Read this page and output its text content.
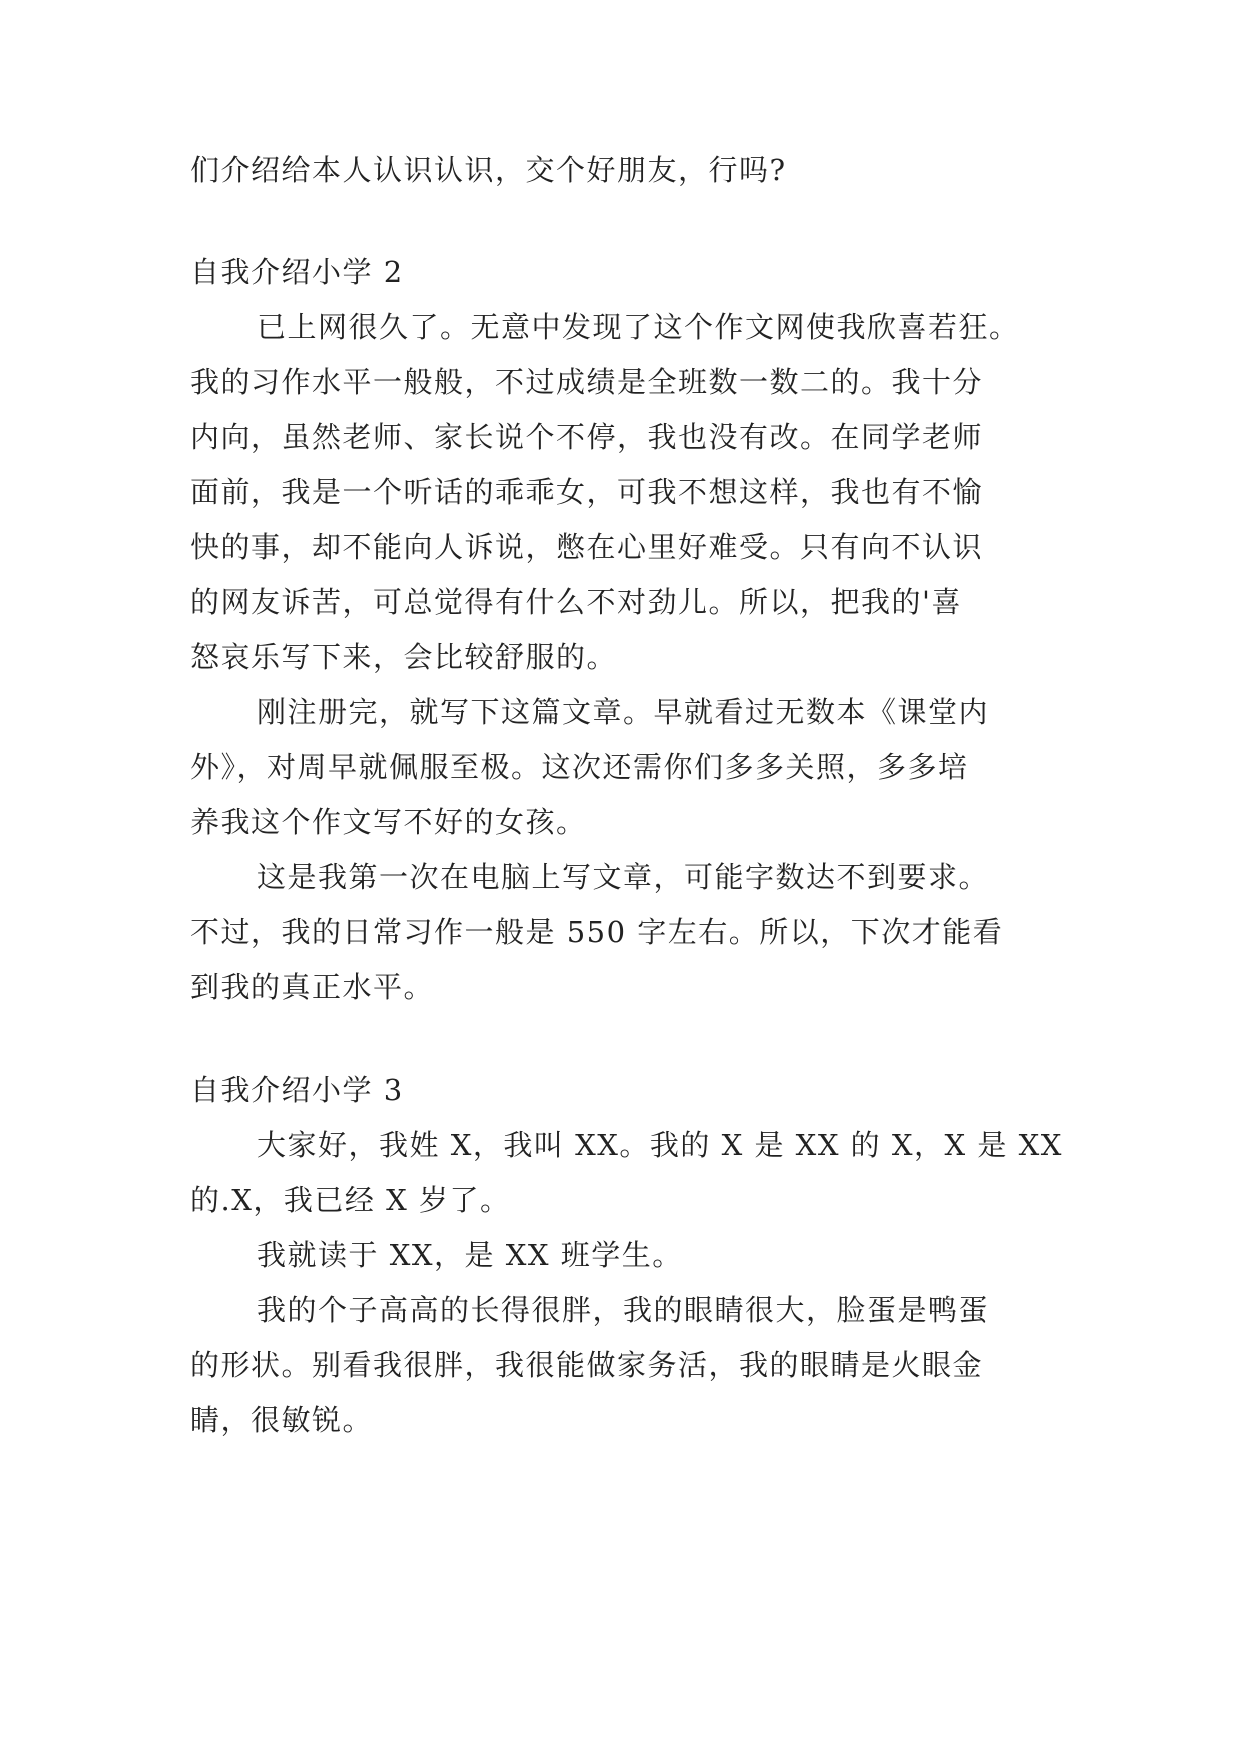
们介绍给本人认识认识，交个好朋友，行吗?
自我介绍小学 2
已上网很久了。无意中发现了这个作文网使我欣喜若狂。
我的习作水平一般般，不过成绩是全班数一数二的。我十分
内向，虽然老师、家长说个不停，我也没有改。在同学老师
面前，我是一个听话的乖乖女，可我不想这样，我也有不愉
快的事，却不能向人诉说，憋在心里好难受。只有向不认识
的网友诉苦，可总觉得有什么不对劲儿。所以，把我的'喜
怒哀乐写下来，会比较舒服的。
刚注册完，就写下这篇文章。早就看过无数本《课堂内
外》，对周早就佩服至极。这次还需你们多多关照，多多培
养我这个作文写不好的女孩。
这是我第一次在电脑上写文章，可能字数达不到要求。
不过，我的日常习作一般是 550 字左右。所以，下次才能看
到我的真正水平。
自我介绍小学 3
大家好，我姓 X，我叫 XX。我的 X 是 XX 的 X，X 是 XX
的.X，我已经 X 岁了。
我就读于 XX，是 XX 班学生。
我的个子高高的长得很胖，我的眼睛很大，脸蛋是鸭蛋
的形状。别看我很胖，我很能做家务活，我的眼睛是火眼金
睛，很敏锐。
